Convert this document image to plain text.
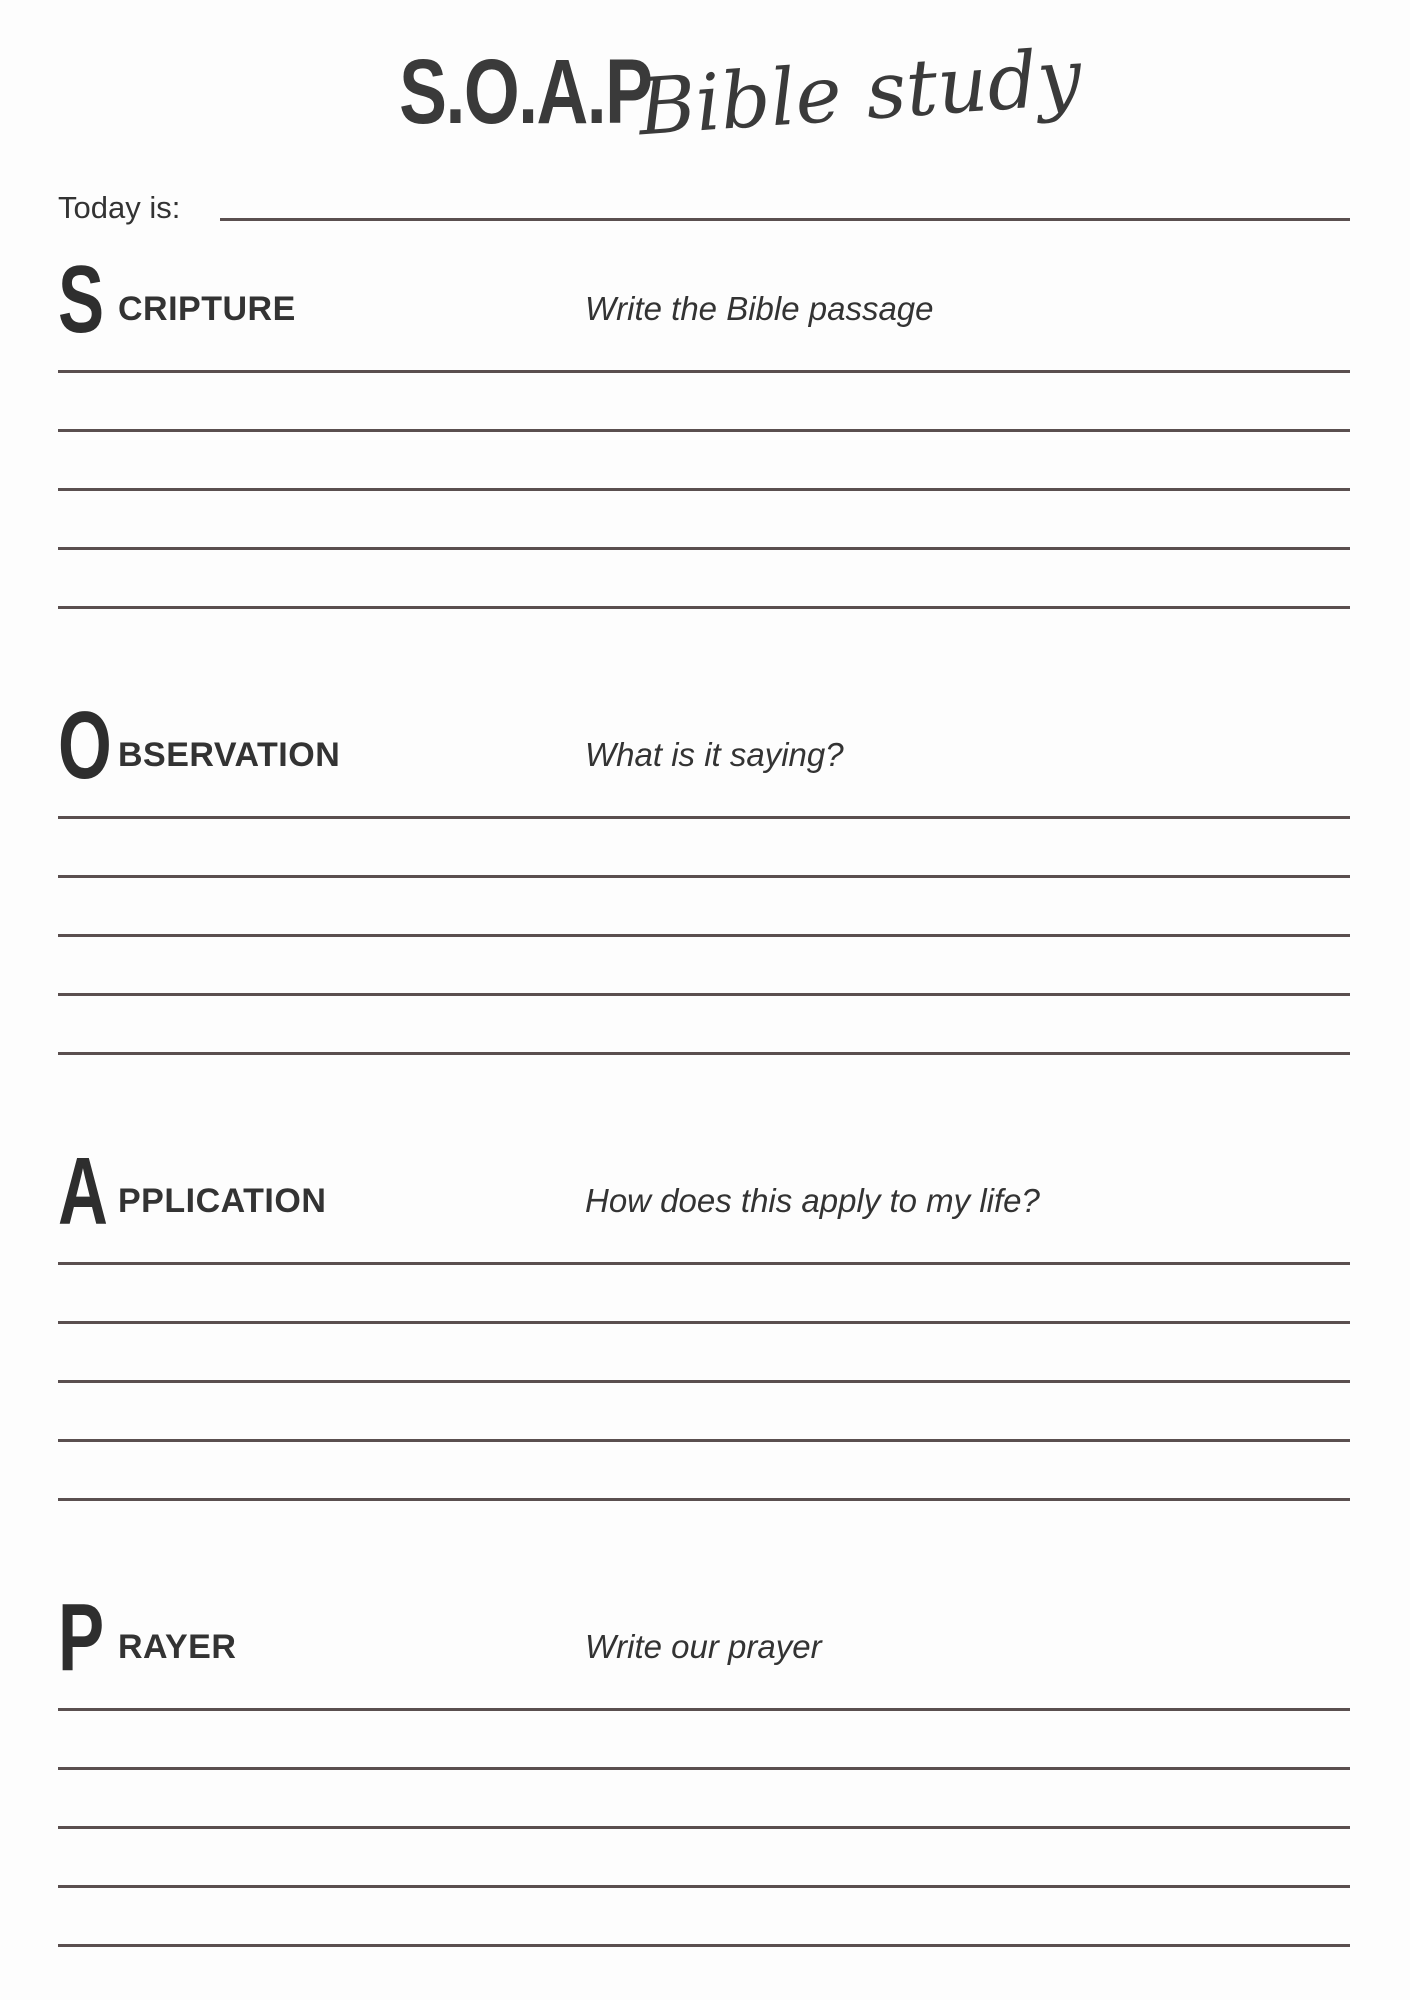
S.O.A.P Bible study
Today is:
S CRIPTURE	Write the Bible passage
O BSERVATION	What is it saying?
A PPLICATION	How does this apply to my life?
P RAYER	Write our prayer
